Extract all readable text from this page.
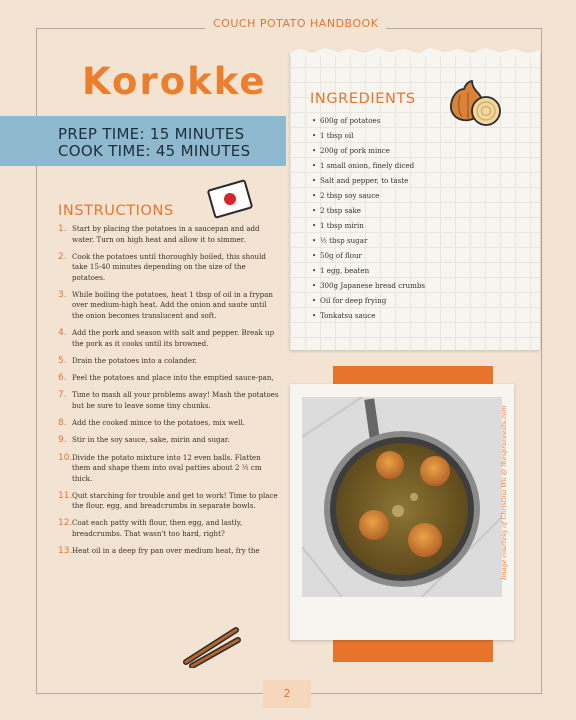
COUCH POTATO HANDBOOK
Korokke
PREP TIME: 15 MINUTES
COOK TIME: 45 MINUTES
INSTRUCTIONS
1. Start by placing the potatoes in a saucepan and add water. Turn on high heat and allow it to simmer.
2. Cook the potatoes until thoroughly boiled, this should take 15-40 minutes depending on the size of the potatoes.
3. While boiling the potatoes, heat 1 tbsp of oil in a frypan over medium-high heat. Add the onion and saute until the onion becomes translucent and soft.
4. Add the pork and season with salt and pepper. Break up the pork as it cooks until its browned.
5. Drain the potatoes into a colander.
6. Peel the potatoes and place into the emptied sauce-pan,
7. Time to mash all your problems away! Mash the potatoes but be sure to leave some tiny chunks.
8. Add the cooked mince to the potatoes, mix well.
9. Stir in the soy sauce, sake, mirin and sugar.
10. Divide the potato mixture into 12 even balls. Flatten them and shape them into oval patties about 2 ½ cm thick.
11. Quit starching for trouble and get to work! Time to place the flour, egg, and breadcrumbs in separate bowls.
12. Coat each patty with flour, then egg, and lastly, breadcrumbs. That wasn't too hard, right?
13. Heat oil in a deep fry pan over medium heat, fry the
INGREDIENTS
• 600g of potatoes
• 1 tbsp oil
• 200g of pork mince
• 1 small onion, finely diced
• Salt and pepper, to taste
• 2 tbsp soy sauce
• 2 tbsp sake
• 1 tbsp mirin
• ½ tbsp sugar
• 50g of flour
• 1 egg, beaten
• 300g Japanese bread crumbs
• Oil for deep frying
• Tonkatsu sauce
Image courtesy of Christina Wu @ thespruceeats.com
2
